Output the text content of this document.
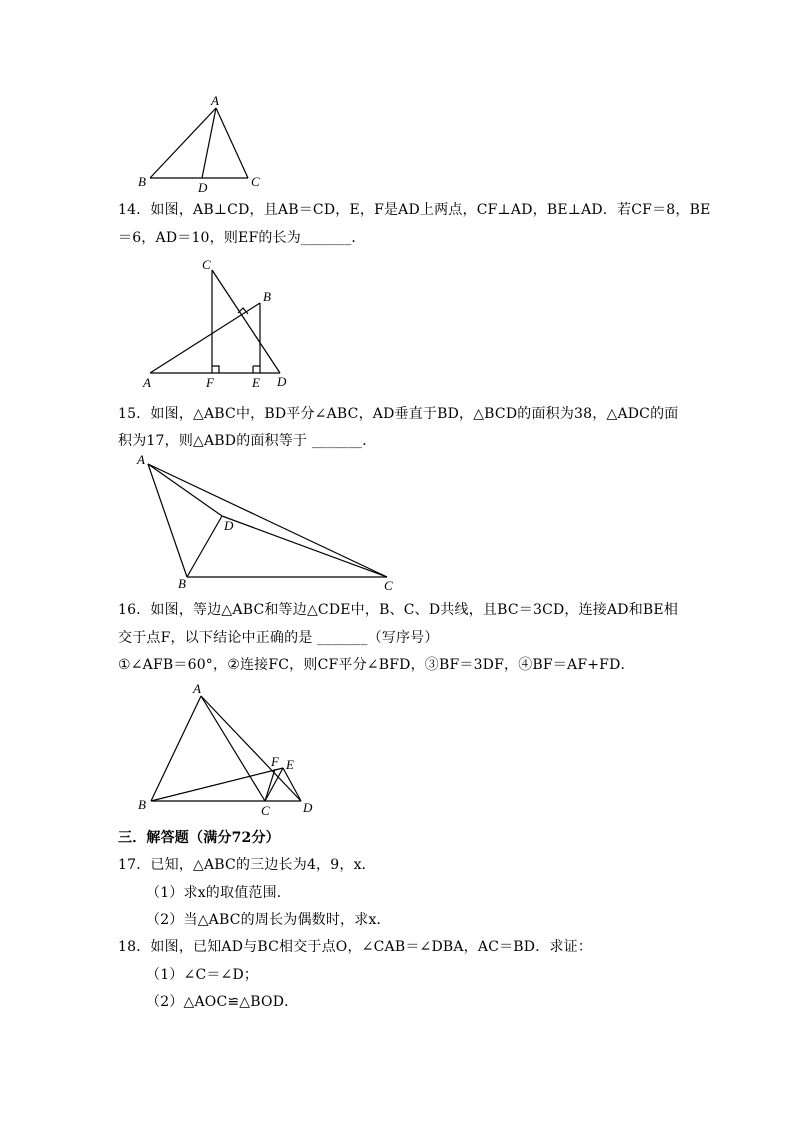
A
B	D	C
14．如图，AB⊥CD，且AB＝CD，E，F是AD上两点，CF⊥AD，BE⊥AD．若CF＝8，BE
＝6，AD＝10，则EF的长为_______．
C
B
A	F	E D
15．如图，△ABC中，BD平分∠ABC，AD垂直于BD，△BCD的面积为38，△ADC的面
积为17，则△ABD的面积等于 _______．
A
D
B	C
16．如图，等边△ABC和等边△CDE中，B、C、D共线，且BC＝3CD，连接AD和BE相
交于点F，以下结论中正确的是 _______（写序号）
①∠AFB＝60°，②连接FC，则CF平分∠BFD，③BF＝3DF，④BF＝AF+FD．
A
F E
B	C	D
三．解答题（满分72分）
17．已知，△ABC的三边长为4，9，x．
（1）求x的取值范围．
（2）当△ABC的周长为偶数时，求x．
18．如图，已知AD与BC相交于点O，∠CAB＝∠DBA，AC＝BD．求证：
（1）∠C＝∠D；
（2）△AOC≌△BOD．
